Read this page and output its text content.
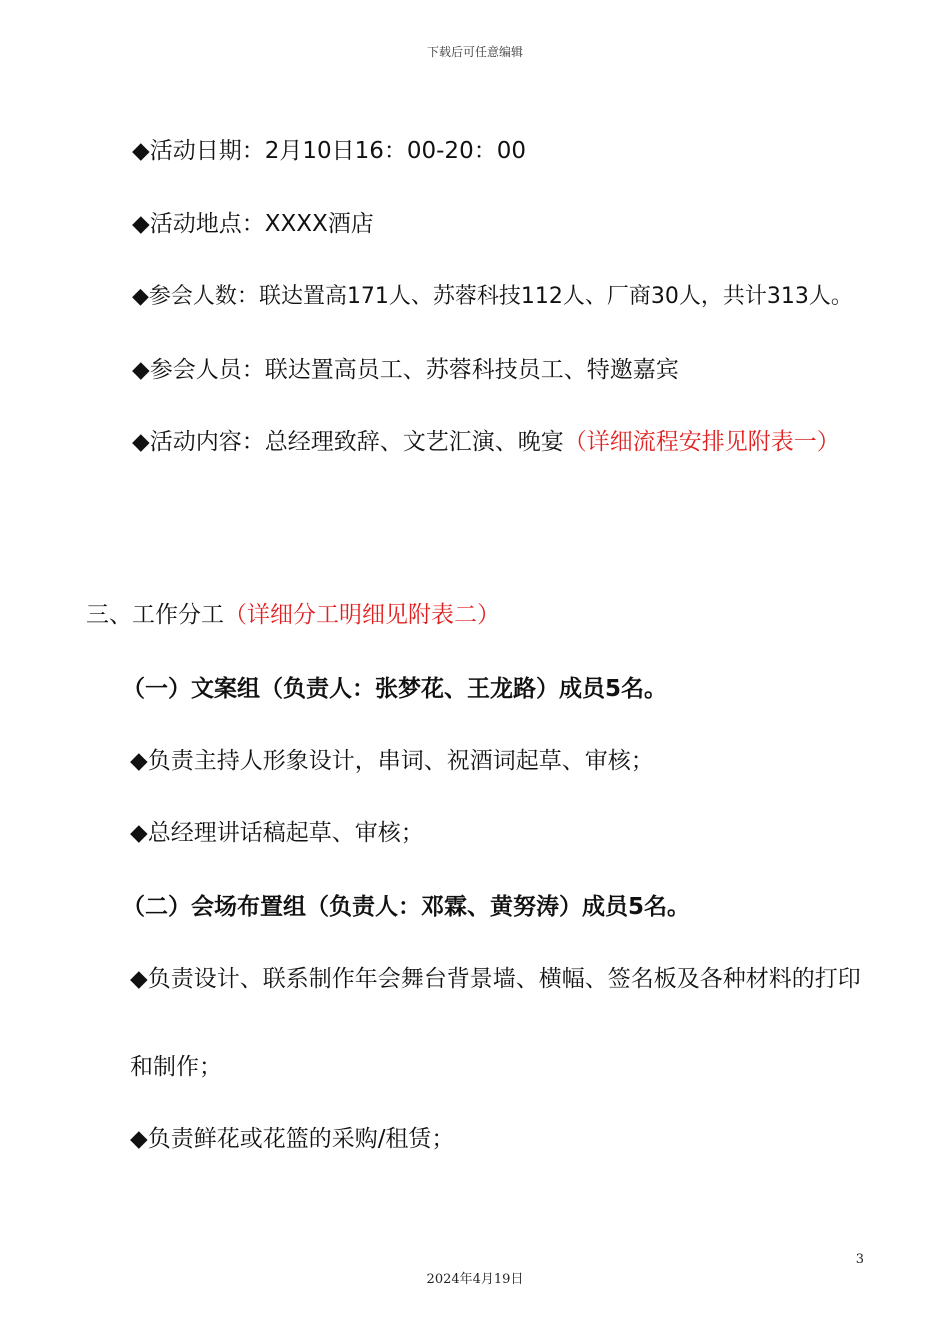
下载后可任意编辑
◆活动日期：2月10日16：00-20：00
◆活动地点：XXXX酒店
◆参会人数：联达置高171人、苏蓉科技112人、厂商30人，共计313人。
◆参会人员：联达置高员工、苏蓉科技员工、特邀嘉宾
◆活动内容：总经理致辞、文艺汇演、晚宴（详细流程安排见附表一）
三、工作分工（详细分工明细见附表二）
（一）文案组（负责人：张梦花、王龙路）成员5名。
◆负责主持人形象设计，串词、祝酒词起草、审核；
◆总经理讲话稿起草、审核；
（二）会场布置组（负责人：邓霖、黄努涛）成员5名。
◆负责设计、联系制作年会舞台背景墙、横幅、签名板及各种材料的打印
和制作；
◆负责鲜花或花篮的采购/租赁；
3
2024年4月19日
